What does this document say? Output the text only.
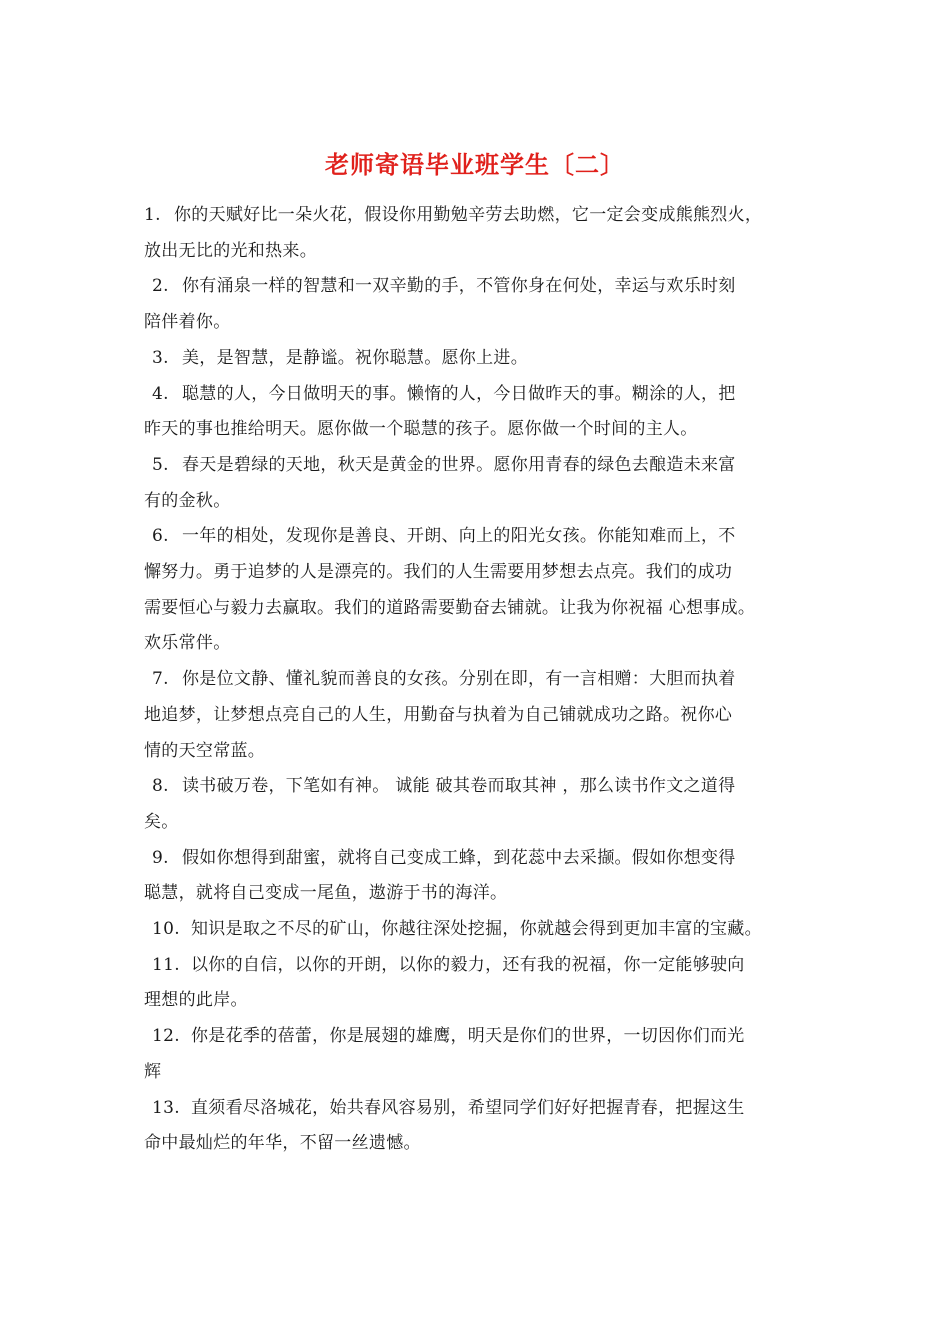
老师寄语毕业班学生〔二〕
你的天赋好比一朵火花，假设你用勤勉辛劳去助燃，它一定会变成熊熊烈火，
放出无比的光和热来。
1.
你有涌泉一样的智慧和一双辛勤的手，不管你身在何处，幸运与欢乐时刻
陪伴着你。
2.
美，是智慧，是静谧。祝你聪慧。愿你上进。
3.
聪慧的人，今日做明天的事。懒惰的人，今日做昨天的事。糊涂的人，把
昨天的事也推给明天。愿你做一个聪慧的孩子。愿你做一个时间的主人。
4.
春天是碧绿的天地，秋天是黄金的世界。愿你用青春的绿色去酿造未来富
有的金秋。
5.
一年的相处，发现你是善良、开朗、向上的阳光女孩。你能知难而上，不
懈努力。勇于追梦的人是漂亮的。我们的人生需要用梦想去点亮。我们的成功
需要恒心与毅力去赢取。我们的道路需要勤奋去铺就。让我为你祝福 心想事成。
欢乐常伴。
6.
你是位文静、懂礼貌而善良的女孩。分别在即，有一言相赠：大胆而执着
地追梦，让梦想点亮自己的人生，用勤奋与执着为自己铺就成功之路。祝你心
情的天空常蓝。
7.
读书破万卷，下笔如有神。 诚能 破其卷而取其神 ，那么读书作文之道得
矣。
8.
假如你想得到甜蜜，就将自己变成工蜂，到花蕊中去采撷。假如你想变得
聪慧，就将自己变成一尾鱼，遨游于书的海洋。
9.
知识是取之不尽的矿山，你越往深处挖掘，你就越会得到更加丰富的宝藏。
10.
以你的自信，以你的开朗，以你的毅力，还有我的祝福，你一定能够驶向
理想的此岸。
11.
你是花季的蓓蕾，你是展翅的雄鹰，明天是你们的世界，一切因你们而光
辉
12.
直须看尽洛城花，始共春风容易别，希望同学们好好把握青春，把握这生
命中最灿烂的年华，不留一丝遗憾。
13.
